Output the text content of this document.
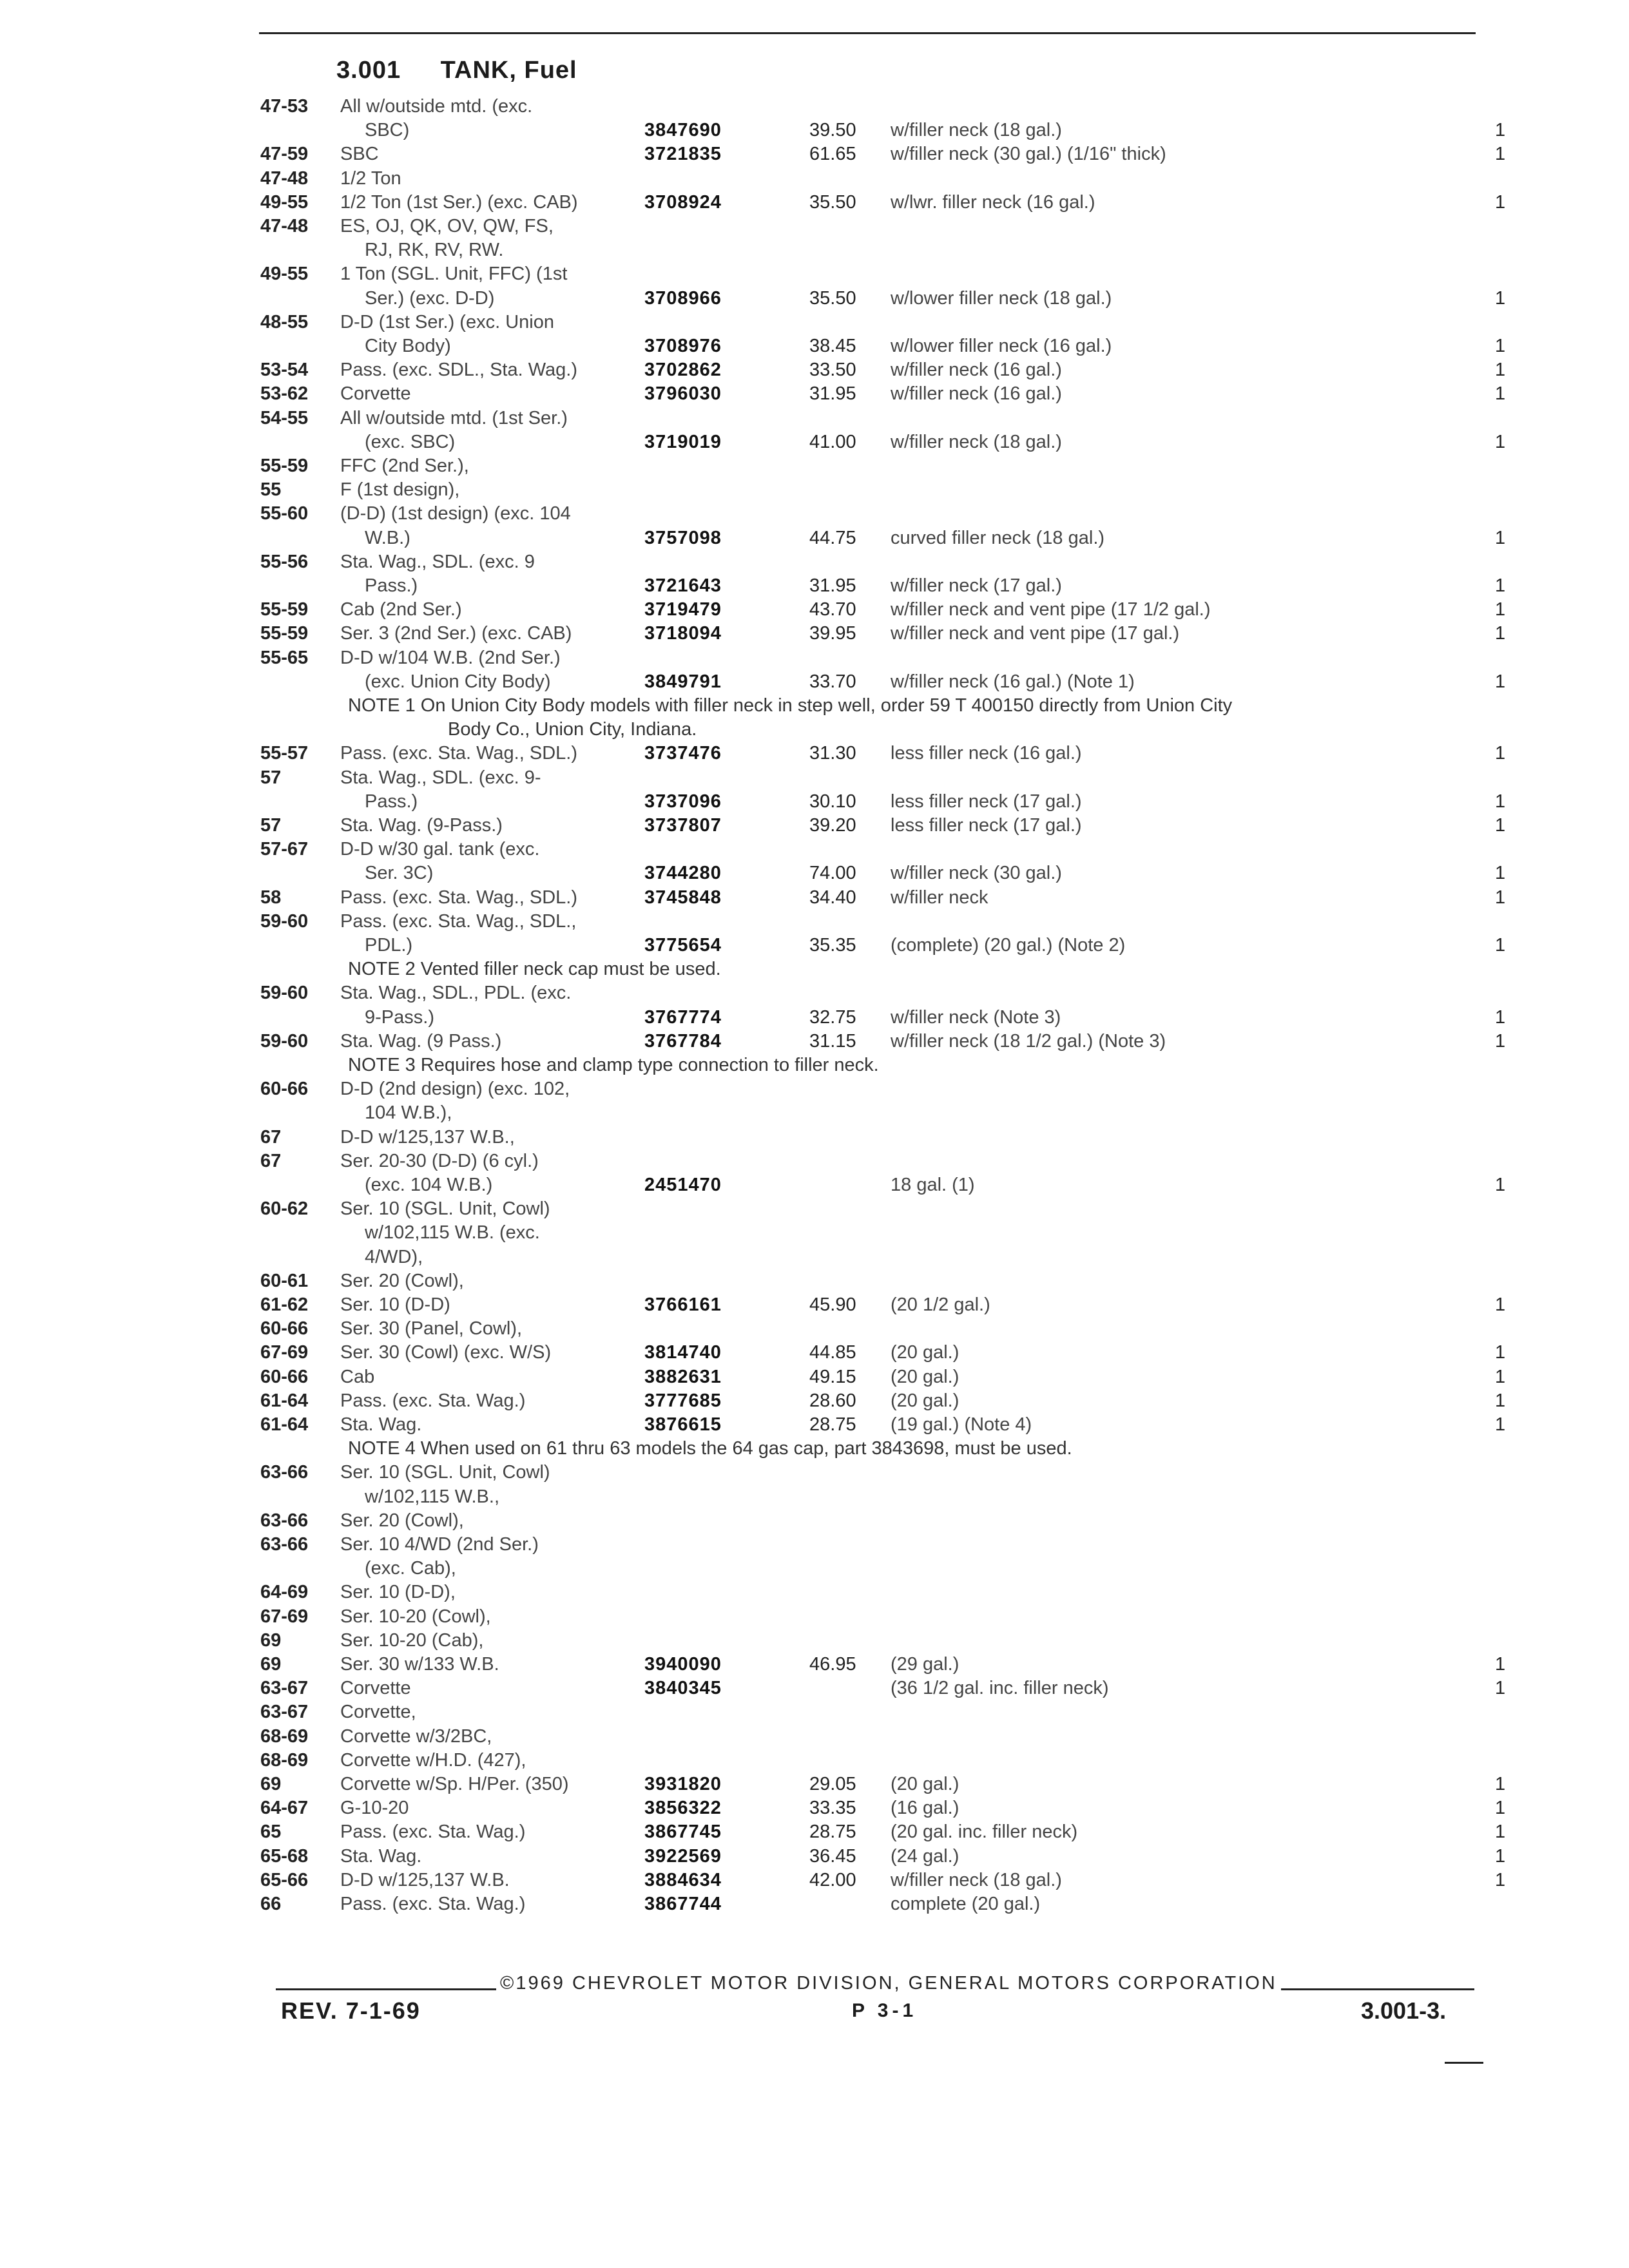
3.001 TANK, Fuel
47-53 All w/outside mtd. (exc.
SBC)	3847690	39.50 w/filler neck (18 gal.)	1
47-59 SBC	3721835	61.65 w/filler neck (30 gal.) (1/16" thick)	1
47-48 1/2 Ton
49-55 1/2 Ton (1st Ser.) (exc. CAB)	3708924	35.50 w/lwr. filler neck (16 gal.)	1
47-48 ES, OJ, QK, OV, QW, FS,
RJ, RK, RV, RW.
49-55 1 Ton (SGL. Unit, FFC) (1st
Ser.) (exc. D-D)	3708966	35.50 w/lower filler neck (18 gal.)	1
48-55 D-D (1st Ser.) (exc. Union
City Body)	3708976	38.45 w/lower filler neck (16 gal.)	1
53-54 Pass. (exc. SDL., Sta. Wag.)	3702862	33.50 w/filler neck (16 gal.)	1
53-62 Corvette	3796030	31.95 w/filler neck (16 gal.)	1
54-55 All w/outside mtd. (1st Ser.)
(exc. SBC)	3719019	41.00 w/filler neck (18 gal.)	1
55-59 FFC (2nd Ser.),
55	F (1st design),
55-60 (D-D) (1st design) (exc. 104
W.B.)	3757098	44.75 curved filler neck (18 gal.)	1
55-56 Sta. Wag., SDL. (exc. 9
Pass.)	3721643	31.95 w/filler neck (17 gal.)	1
55-59 Cab (2nd Ser.)	3719479	43.70 w/filler neck and vent pipe (17 1/2 gal.)	1
55-59 Ser. 3 (2nd Ser.) (exc. CAB)	3718094	39.95 w/filler neck and vent pipe (17 gal.)	1
55-65 D-D w/104 W.B. (2nd Ser.)
(exc. Union City Body)	3849791	33.70 w/filler neck (16 gal.) (Note 1)	1
NOTE 1 On Union City Body models with filler neck in step well, order 59 T 400150 directly from Union City
Body Co., Union City, Indiana.
55-57 Pass. (exc. Sta. Wag., SDL.)	3737476	31.30 less filler neck (16 gal.)	1
57	Sta. Wag., SDL. (exc. 9-
Pass.)	3737096	30.10 less filler neck (17 gal.)	1
57	Sta. Wag. (9-Pass.)	3737807	39.20 less filler neck (17 gal.)	1
57-67 D-D w/30 gal. tank (exc.
Ser. 3C)	3744280	74.00 w/filler neck (30 gal.)	1
58	Pass. (exc. Sta. Wag., SDL.)	3745848	34.40 w/filler neck	1
59-60 Pass. (exc. Sta. Wag., SDL.,
PDL.)	3775654	35.35 (complete) (20 gal.) (Note 2)	1
NOTE 2 Vented filler neck cap must be used.
59-60 Sta. Wag., SDL., PDL. (exc.
9-Pass.)	3767774	32.75 w/filler neck (Note 3)	1
59-60 Sta. Wag. (9 Pass.)	3767784	31.15 w/filler neck (18 1/2 gal.) (Note 3)	1
NOTE 3 Requires hose and clamp type connection to filler neck.
60-66 D-D (2nd design) (exc. 102,
104 W.B.),
67	D-D w/125,137 W.B.,
67	Ser. 20-30 (D-D) (6 cyl.)
(exc. 104 W.B.)	2451470	18 gal. (1)	1
60-62 Ser. 10 (SGL. Unit, Cowl)
w/102,115 W.B. (exc.
4/WD),
60-61 Ser. 20 (Cowl),
61-62 Ser. 10 (D-D)	3766161	45.90 (20 1/2 gal.)	1
60-66 Ser. 30 (Panel, Cowl),
67-69 Ser. 30 (Cowl) (exc. W/S)	3814740	44.85 (20 gal.)	1
60-66 Cab	3882631	49.15 (20 gal.)	1
61-64 Pass. (exc. Sta. Wag.)	3777685	28.60 (20 gal.)	1
61-64 Sta. Wag.	3876615	28.75 (19 gal.) (Note 4)	1
NOTE 4 When used on 61 thru 63 models the 64 gas cap, part 3843698, must be used.
63-66 Ser. 10 (SGL. Unit, Cowl)
w/102,115 W.B.,
63-66 Ser. 20 (Cowl),
63-66 Ser. 10 4/WD (2nd Ser.)
(exc. Cab),
64-69 Ser. 10 (D-D),
67-69 Ser. 10-20 (Cowl),
69	Ser. 10-20 (Cab),
69	Ser. 30 w/133 W.B.	3940090	46.95 (29 gal.)	1
63-67 Corvette	3840345	(36 1/2 gal. inc. filler neck)	1
63-67 Corvette,
68-69 Corvette w/3/2BC,
68-69 Corvette w/H.D. (427),
69	Corvette w/Sp. H/Per. (350)	3931820	29.05 (20 gal.)	1
64-67 G-10-20	3856322	33.35 (16 gal.)	1
65	Pass. (exc. Sta. Wag.)	3867745	28.75 (20 gal. inc. filler neck)	1
65-68 Sta. Wag.	3922569	36.45 (24 gal.)	1
65-66 D-D w/125,137 W.B.	3884634	42.00 w/filler neck (18 gal.)	1
66	Pass. (exc. Sta. Wag.)	3867744	complete (20 gal.)
©1969 CHEVROLET MOTOR DIVISION, GENERAL MOTORS CORPORATION
REV. 7-1-69	P 3-1	3.001-3.
